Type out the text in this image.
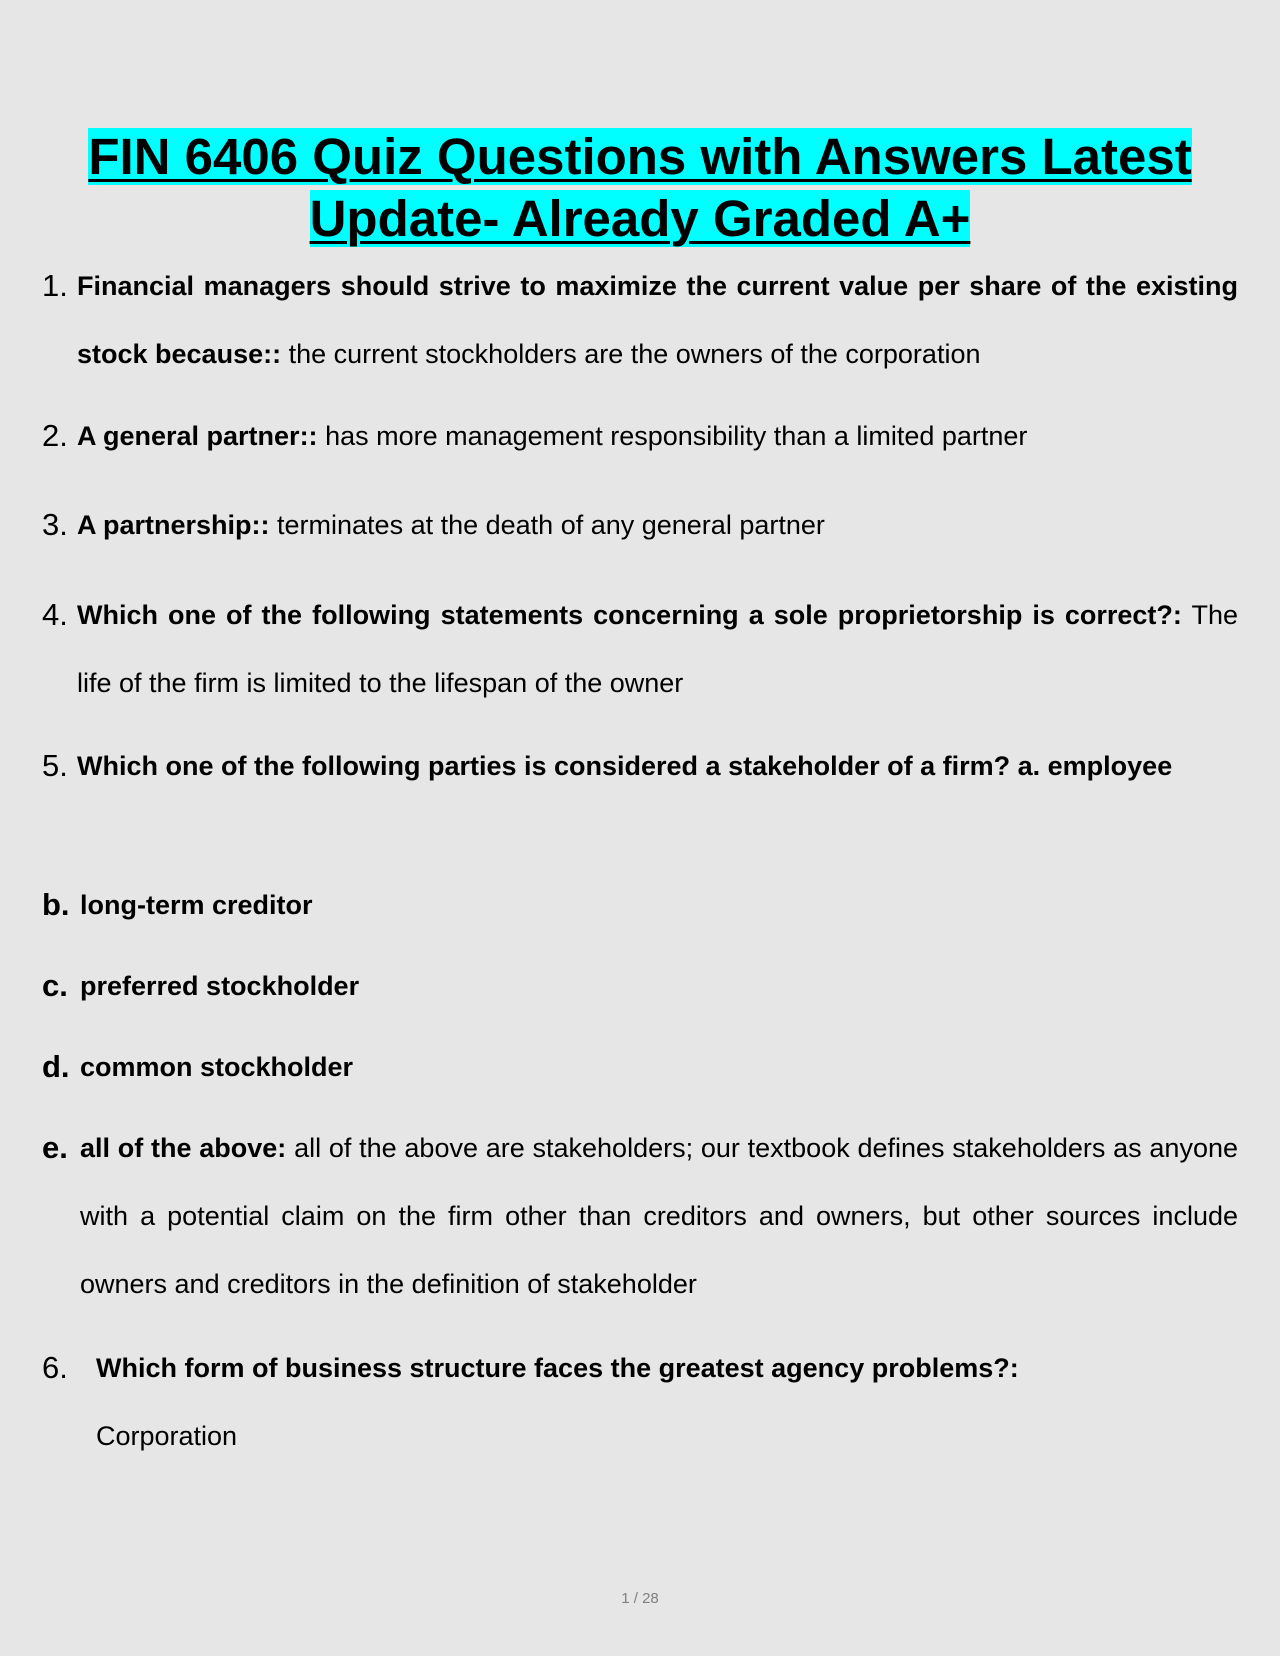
FIN 6406 Quiz Questions with Answers Latest
Update- Already Graded A+
1. Financial managers should strive to maximize the current value per share of the existing stock because:: the current stockholders are the owners of the corporation
2. A general partner:: has more management responsibility than a limited partner
3. A partnership:: terminates at the death of any general partner
4. Which one of the following statements concerning a sole proprietorship is correct?: The life of the firm is limited to the lifespan of the owner
5. Which one of the following parties is considered a stakeholder of a firm? a. employee
b. long-term creditor
c. preferred stockholder
d. common stockholder
e. all of the above: all of the above are stakeholders; our textbook defines stakeholders as anyone with a potential claim on the firm other than creditors and owners, but other sources include owners and creditors in the definition of stakeholder
6. Which form of business structure faces the greatest agency problems?:
Corporation
1 / 28
